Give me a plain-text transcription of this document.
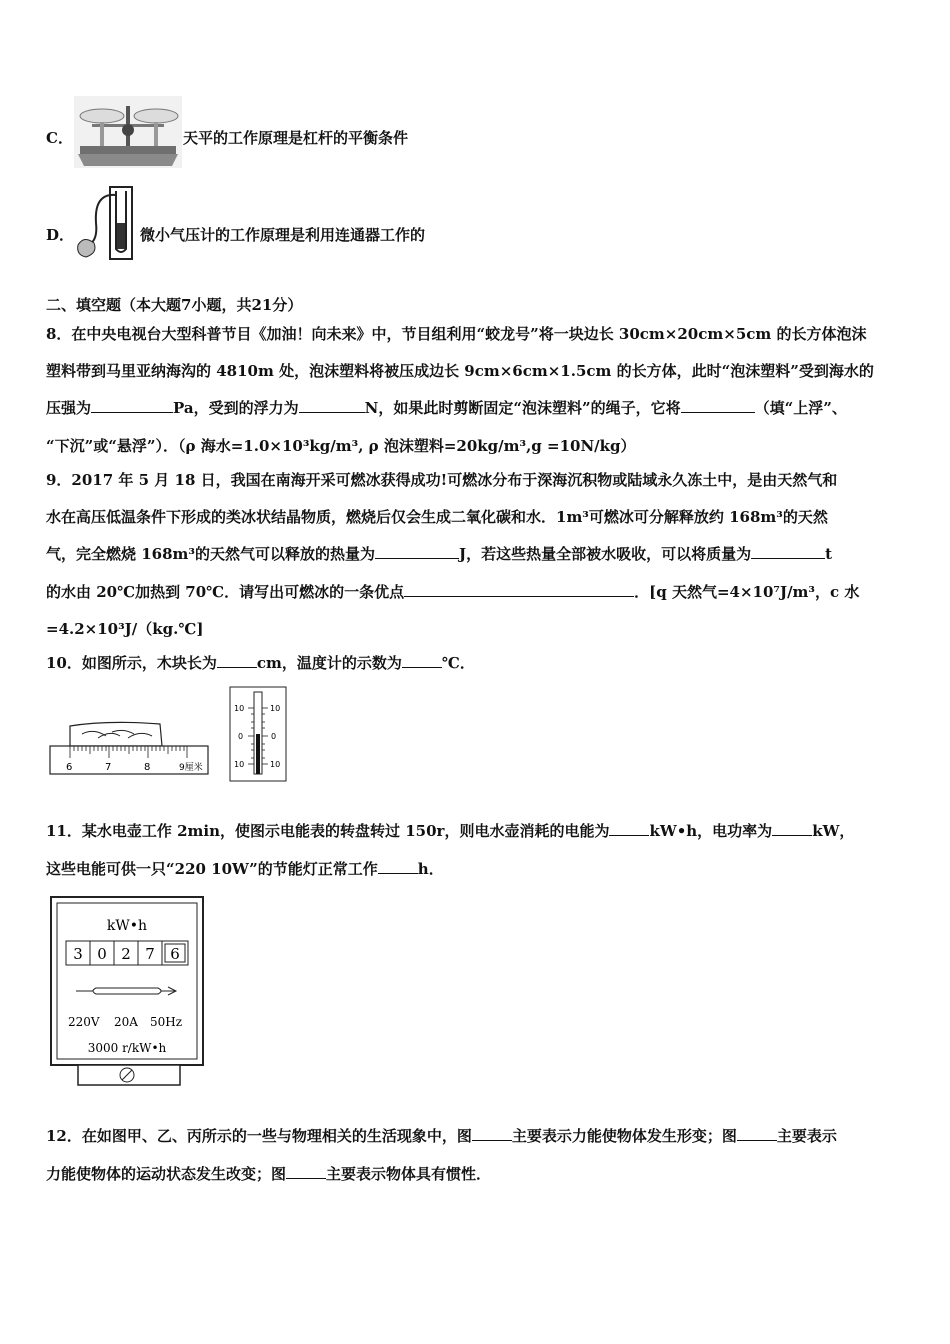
C．	天平的工作原理是杠杆的平衡条件
D．	微小气压计的工作原理是利用连通器工作的
二、填空题（本大题7小题，共21分）
8．在中央电视台大型科普节目《加油！向未来》中，节目组利用“蛟龙号”将一块边长 30cm×20cm×5cm 的长方体泡沫
塑料带到马里亚纳海沟的 4810m 处，泡沫塑料将被压成边长 9cm×6cm×1.5cm 的长方体，此时“泡沫塑料”受到海水的
压强为	Pa，受到的浮力为	N，如果此时剪断固定“泡沫塑料”的绳子，它将	（填“上浮”、
“下沉”或“悬浮”）．（ρ 海水=1.0×10³kg/m³, ρ 泡沫塑料=20kg/m³,g =10N/kg）
9．2017 年 5 月 18 日，我国在南海开采可燃冰获得成功!可燃冰分布于深海沉积物或陆域永久冻土中，是由天然气和
水在高压低温条件下形成的类冰状结晶物质，燃烧后仅会生成二氧化碳和水．1m³可燃冰可分解释放约 168m³的天然
气，完全燃烧 168m³的天然气可以释放的热量为	J，若这些热量全部被水吸收，可以将质量为	t
的水由 20℃加热到 70℃．请写出可燃冰的一条优点	．[q 天然气=4×10⁷J/m³，c 水
=4.2×10³J/（kg.℃]
10．如图所示，木块长为	cm，温度计的示数为	℃．
6	7	8	9厘米
10
0
10
10
0
10
11．某水电壶工作 2min，使图示电能表的转盘转过 150r，则电水壶消耗的电能为	kW•h，电功率为	kW，
这些电能可供一只“220 10W”的节能灯正常工作	h．
kW•h
3 0 2 7 6
220V 20A 50Hz
3000 r/kW•h
12．在如图甲、乙、丙所示的一些与物理相关的生活现象中，图	主要表示力能使物体发生形变；图	主要表示
力能使物体的运动状态发生改变；图	主要表示物体具有惯性．
